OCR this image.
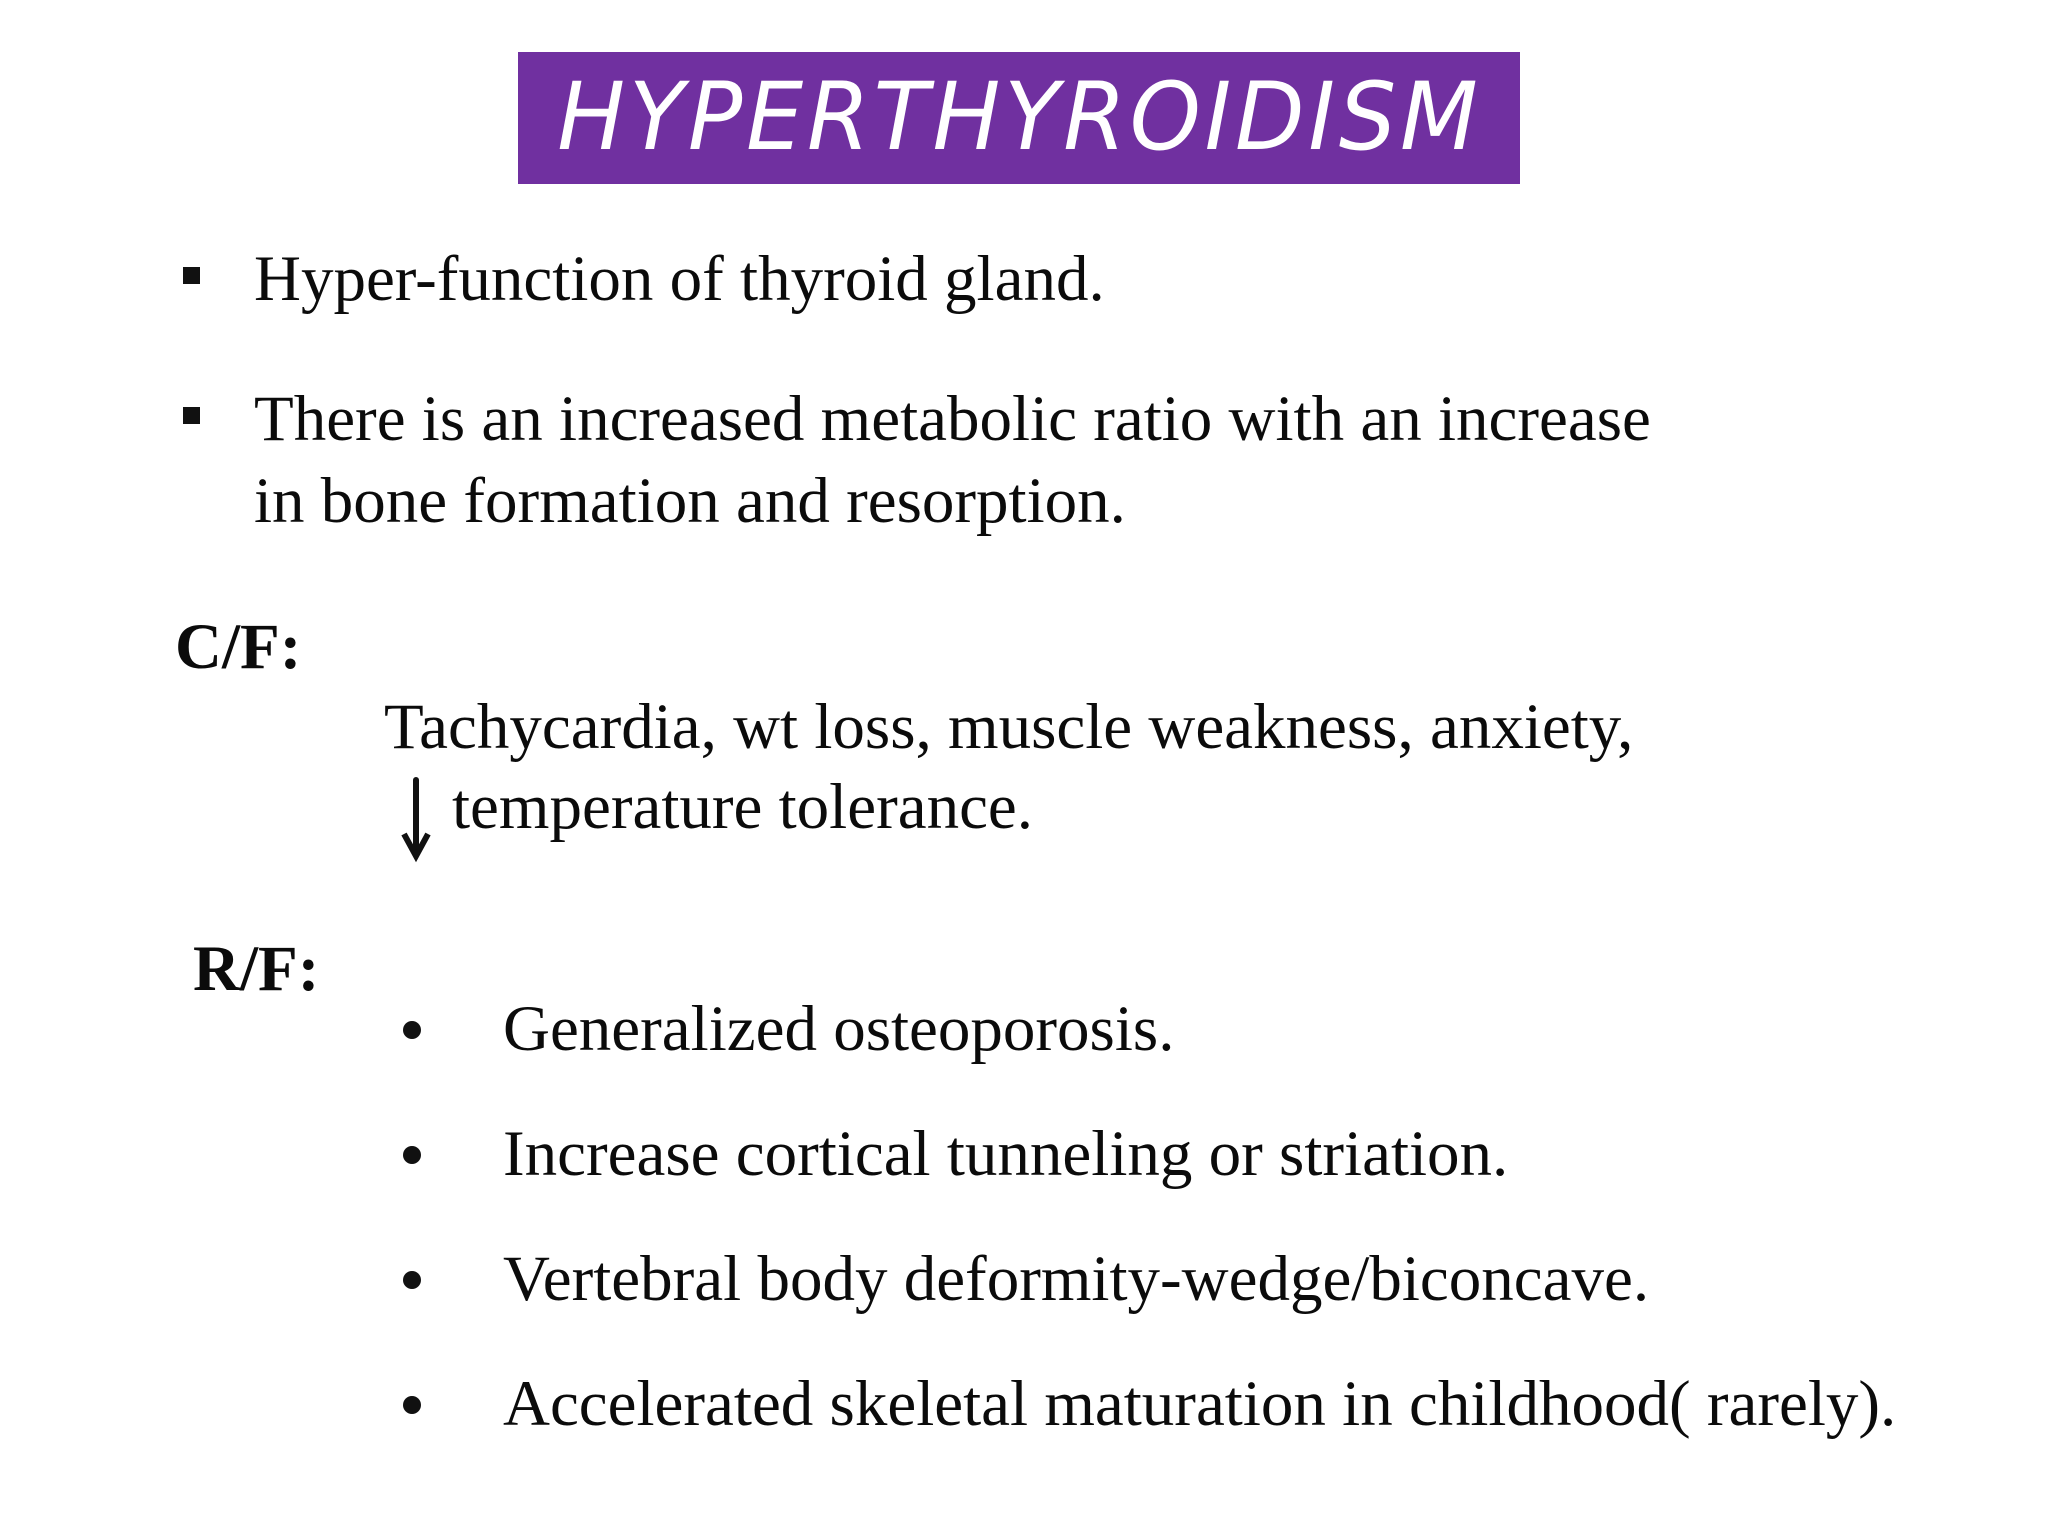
HYPERTHYROIDISM
Hyper-function of thyroid gland.
There is an increased metabolic ratio with an increase
in bone formation and resorption.
C/F:
Tachycardia, wt loss, muscle weakness, anxiety,
temperature tolerance.
R/F:
Generalized osteoporosis.
Increase cortical tunneling or striation.
Vertebral body deformity-wedge/biconcave.
Accelerated skeletal maturation in childhood( rarely).
